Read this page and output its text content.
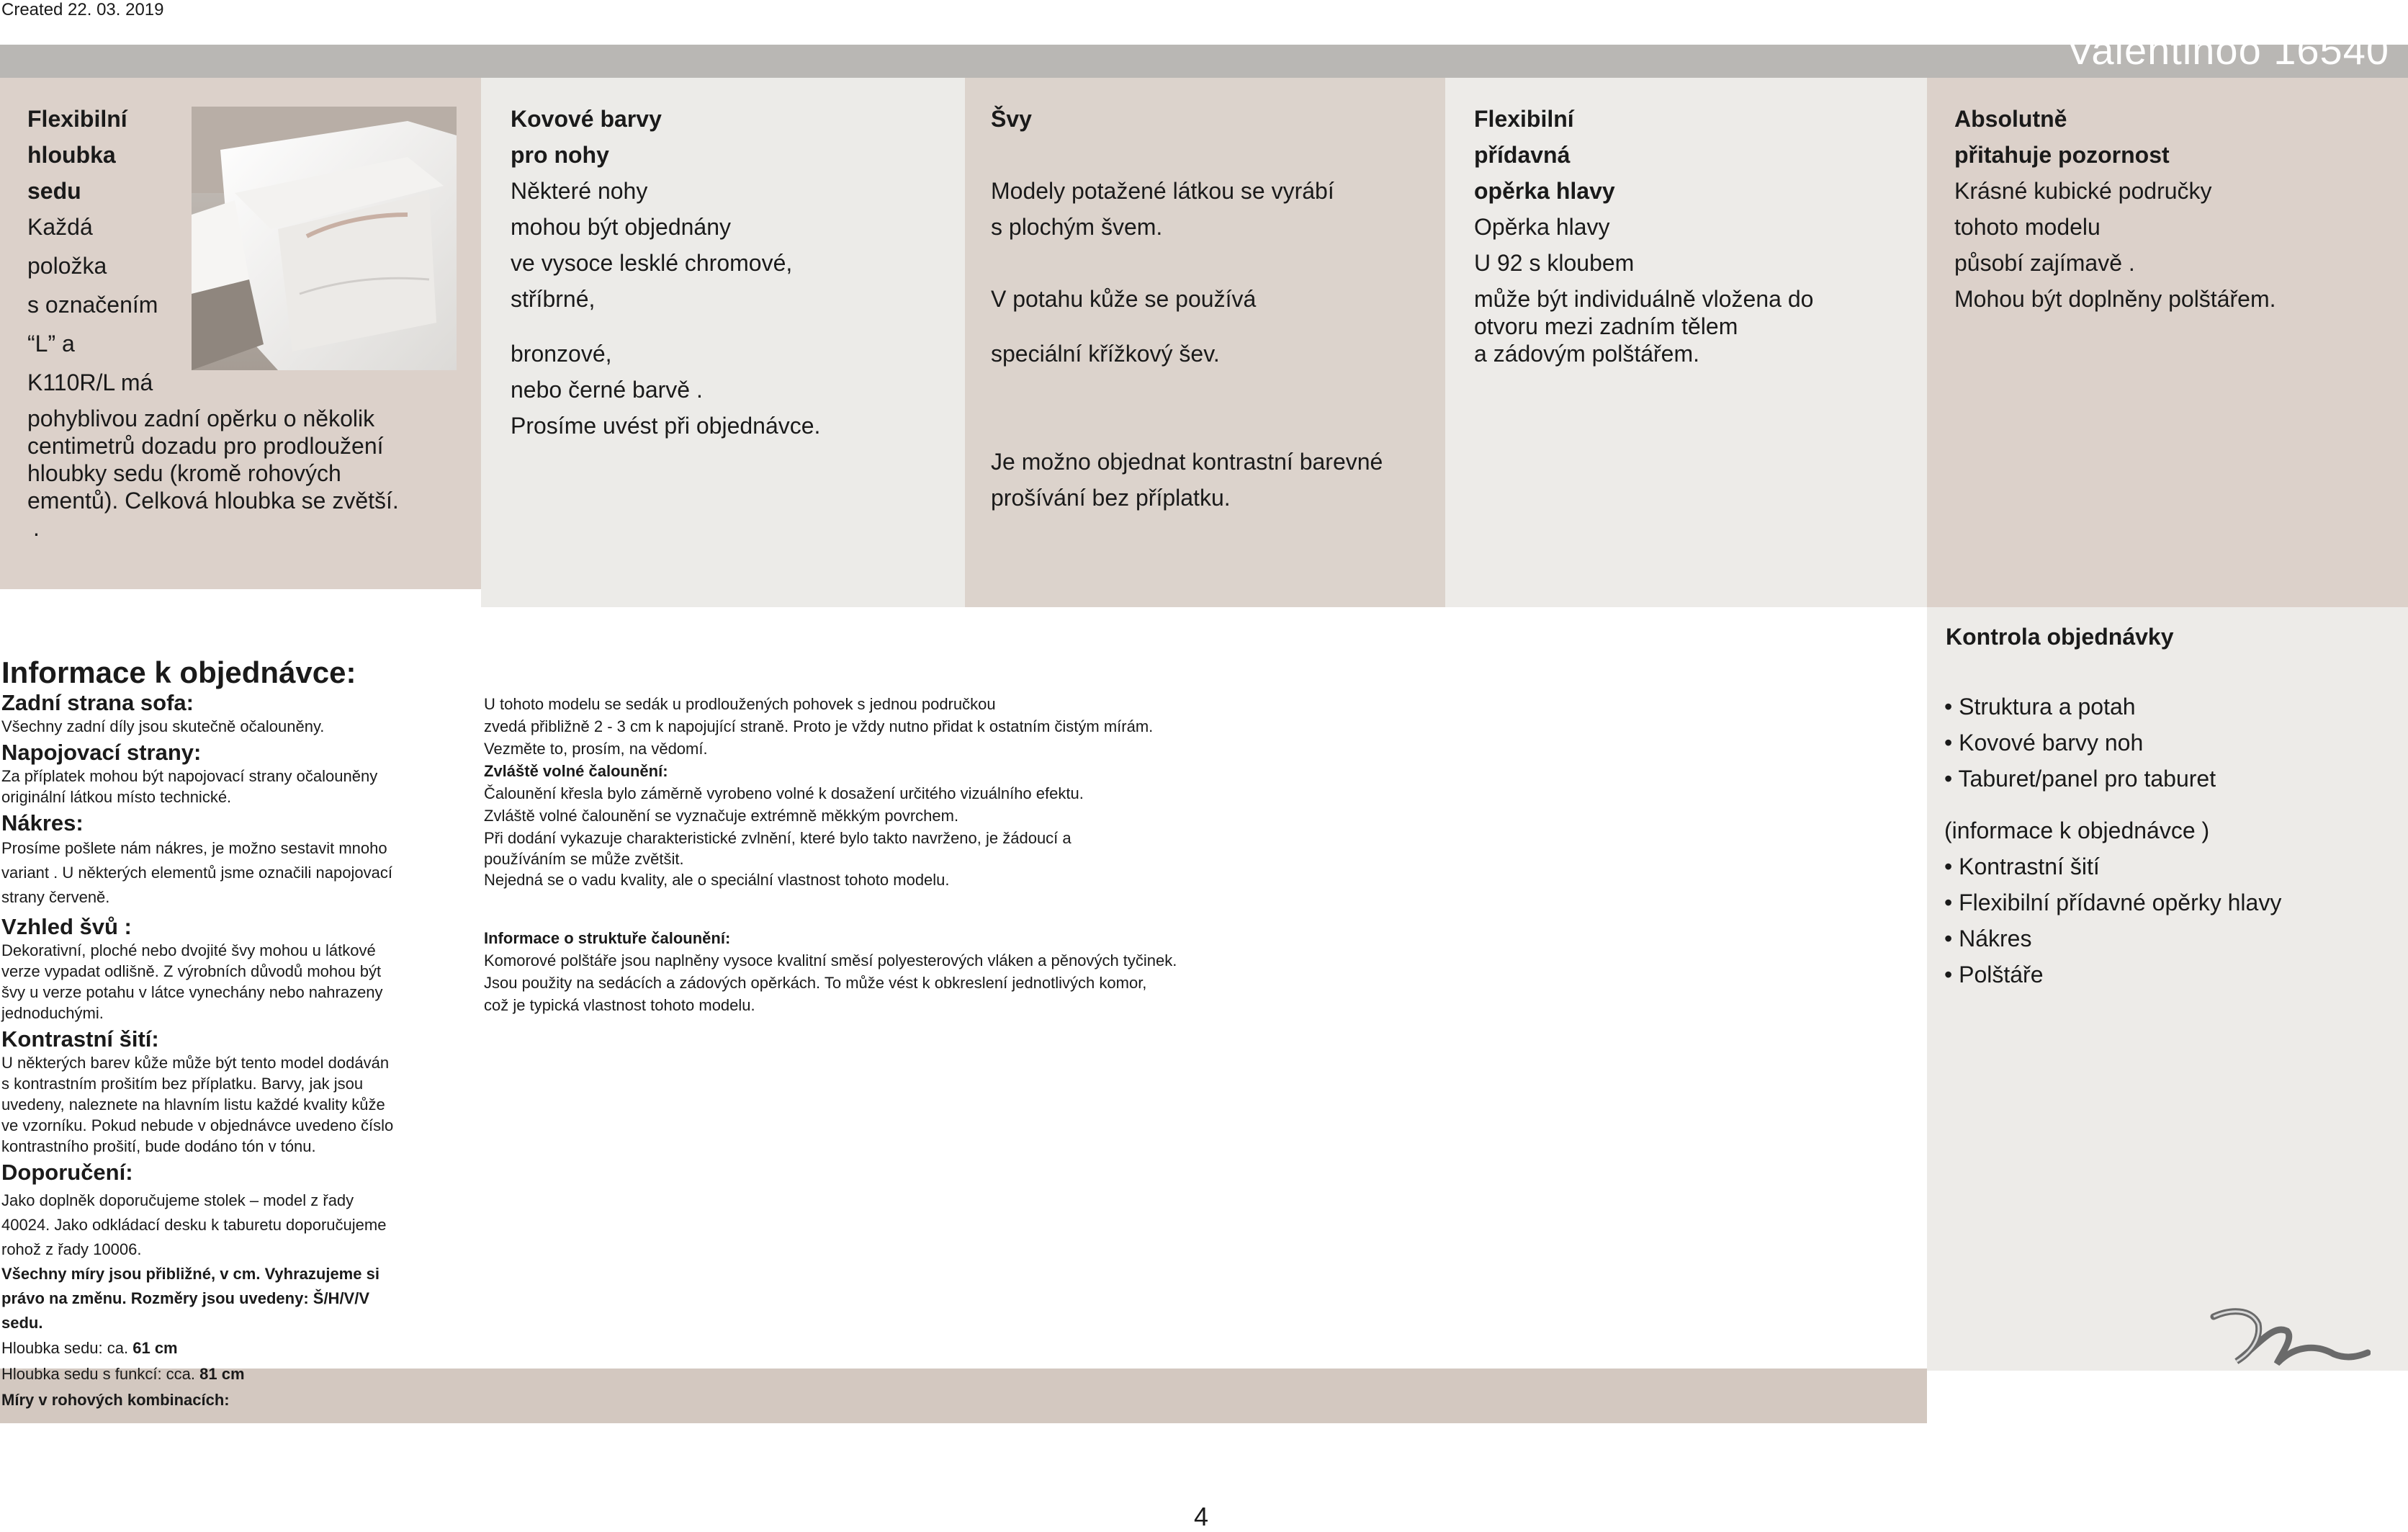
Created 22. 03. 2019
Valentinoo 16540
Flexibilní
hloubka
sedu
Každá
položka
s označením
“L” a
K110R/L má
pohyblivou zadní opěrku o několik
centimetrů dozadu pro prodloužení
hloubky sedu (kromě rohových
ementů). Celková hloubka se zvětší.
.
Kovové barvy
pro nohy
Některé nohy
mohou být objednány
ve vysoce lesklé chromové,
stříbrné,
bronzové,
nebo černé barvě .
Prosíme uvést při objednávce.
Švy
Modely potažené látkou se vyrábí
s plochým švem.
V potahu kůže se používá
speciální křížkový šev.
Je možno objednat kontrastní barevné
prošívání bez příplatku.
Flexibilní
přídavná
opěrka hlavy
Opěrka hlavy
U 92 s kloubem
může být individuálně vložena do
otvoru mezi zadním tělem
a zádovým polštářem.
Absolutně
přitahuje pozornost
Krásné kubické područky
tohoto modelu
působí zajímavě .
Mohou být doplněny polštářem.
Informace k objednávce:
Zadní strana sofa:
Všechny zadní díly jsou skutečně očalouněny.
Napojovací strany:
Za příplatek mohou být napojovací strany očalouněny
originální látkou místo technické.
Nákres:
Prosíme pošlete nám nákres, je možno sestavit mnoho
variant . U některých elementů jsme označili napojovací
strany červeně.
Vzhled švů :
Dekorativní, ploché nebo dvojité švy mohou u látkové
verze vypadat odlišně. Z výrobních důvodů mohou být
švy u verze potahu v látce vynechány nebo nahrazeny
jednoduchými.
Kontrastní šití:
U některých barev kůže může být tento model dodáván
s kontrastním prošitím bez příplatku. Barvy, jak jsou
uvedeny, naleznete na hlavním listu každé kvality kůže
ve vzorníku. Pokud nebude v objednávce uvedeno číslo
kontrastního prošití, bude dodáno tón v tónu.
Doporučení:
Jako doplněk doporučujeme stolek – model z řady
40024. Jako odkládací desku k taburetu doporučujeme
rohož z řady 10006.
Všechny míry jsou přibližné, v cm. Vyhrazujeme si
právo na změnu. Rozměry jsou uvedeny: Š/H/V/V
sedu.
Hloubka sedu: ca. 61 cm
Hloubka sedu s funkcí: cca. 81 cm
Míry v rohových kombinacích:
U tohoto modelu se sedák u prodloužených pohovek s jednou područkou
zvedá přibližně 2 - 3 cm k napojující straně. Proto je vždy nutno přidat k ostatním čistým mírám.
Vezměte to, prosím, na vědomí.
Zvláště volné čalounění:
Čalounění křesla bylo záměrně vyrobeno volné k dosažení určitého vizuálního efektu.
Zvláště volné čalounění se vyznačuje extrémně měkkým povrchem.
Při dodání vykazuje charakteristické zvlnění, které bylo takto navrženo, je žádoucí a
používáním se může zvětšit.
Nejedná se o vadu kvality, ale o speciální vlastnost tohoto modelu.
Informace o struktuře čalounění:
Komorové polštáře jsou naplněny vysoce kvalitní směsí polyesterových vláken a pěnových tyčinek.
Jsou použity na sedácích a zádových opěrkách. To může vést k obkreslení jednotlivých komor,
což je typická vlastnost tohoto modelu.
Kontrola objednávky
• Struktura a potah
• Kovové barvy noh
• Taburet/panel pro taburet
(informace k objednávce )
• Kontrastní šití
• Flexibilní přídavné opěrky hlavy
• Nákres
• Polštáře
4
